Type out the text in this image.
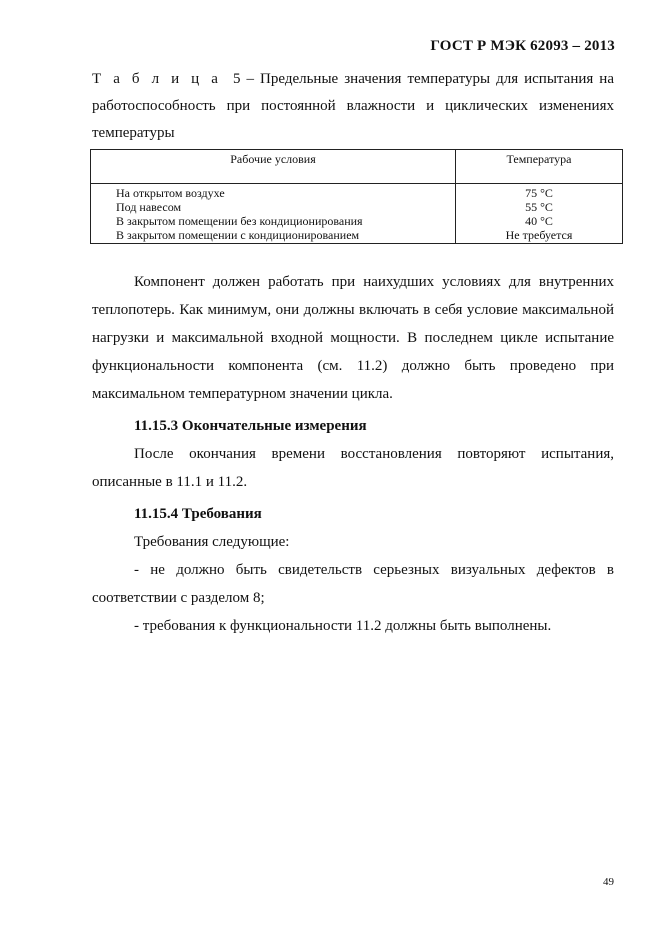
ГОСТ Р МЭК 62093 – 2013
Т а б л и ц а 5 – Предельные значения температуры для испытания на работоспособность при постоянной влажности и циклических изменениях температуры
Рабочие условия	Температура
На открытом воздухе	75 °C
Под навесом	55 °C
В закрытом помещении без кондиционирования	40 °C
В закрытом помещении с кондиционированием	Не требуется

Компонент должен работать при наихудших условиях для внутренних теплопотерь. Как минимум, они должны включать в себя условие максимальной нагрузки и максимальной входной мощности. В последнем цикле испытание функциональности компонента (см. 11.2) должно быть проведено при максимальном температурном значении цикла.

11.15.3 Окончательные измерения

После окончания времени восстановления повторяют испытания, описанные в 11.1 и 11.2.

11.15.4 Требования

Требования следующие:

- не должно быть свидетельств серьезных визуальных дефектов в соответствии с разделом 8;

- требования к функциональности 11.2 должны быть выполнены.

49
